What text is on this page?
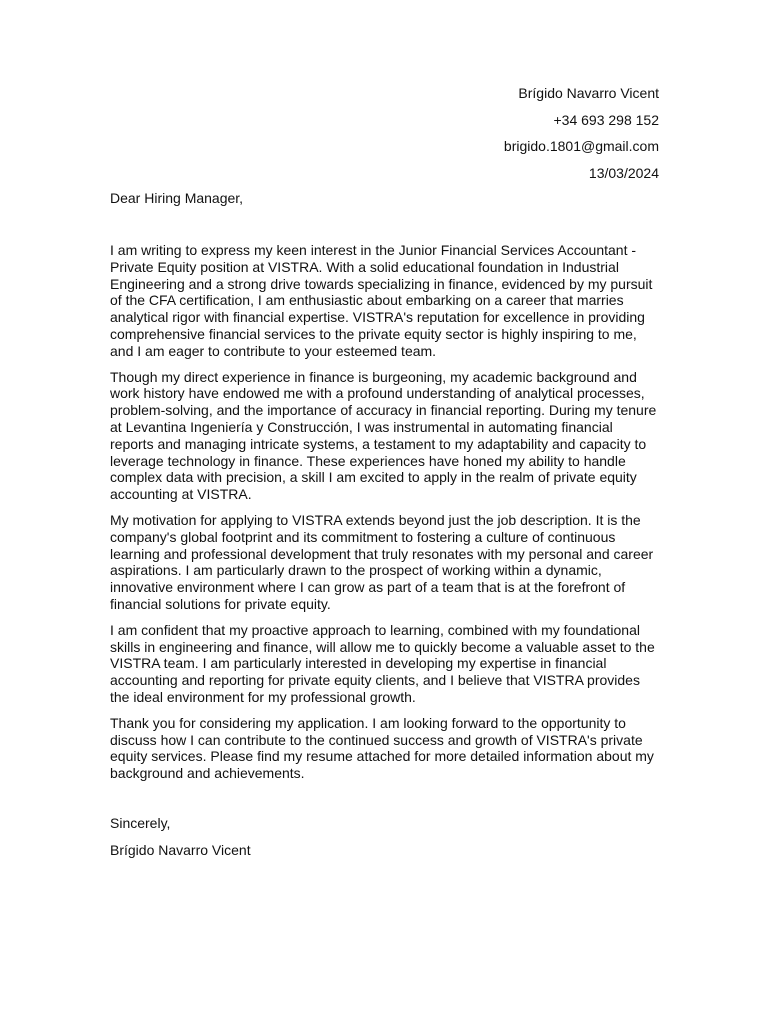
Brígido Navarro Vicent
+34 693 298 152
brigido.1801@gmail.com
13/03/2024
Dear Hiring Manager,

I am writing to express my keen interest in the Junior Financial Services Accountant - Private Equity position at VISTRA. With a solid educational foundation in Industrial Engineering and a strong drive towards specializing in finance, evidenced by my pursuit of the CFA certification, I am enthusiastic about embarking on a career that marries analytical rigor with financial expertise. VISTRA's reputation for excellence in providing comprehensive financial services to the private equity sector is highly inspiring to me, and I am eager to contribute to your esteemed team.

Though my direct experience in finance is burgeoning, my academic background and work history have endowed me with a profound understanding of analytical processes, problem-solving, and the importance of accuracy in financial reporting. During my tenure at Levantina Ingeniería y Construcción, I was instrumental in automating financial reports and managing intricate systems, a testament to my adaptability and capacity to leverage technology in finance. These experiences have honed my ability to handle complex data with precision, a skill I am excited to apply in the realm of private equity accounting at VISTRA.

My motivation for applying to VISTRA extends beyond just the job description. It is the company's global footprint and its commitment to fostering a culture of continuous learning and professional development that truly resonates with my personal and career aspirations. I am particularly drawn to the prospect of working within a dynamic, innovative environment where I can grow as part of a team that is at the forefront of financial solutions for private equity.

I am confident that my proactive approach to learning, combined with my foundational skills in engineering and finance, will allow me to quickly become a valuable asset to the VISTRA team. I am particularly interested in developing my expertise in financial accounting and reporting for private equity clients, and I believe that VISTRA provides the ideal environment for my professional growth.

Thank you for considering my application. I am looking forward to the opportunity to discuss how I can contribute to the continued success and growth of VISTRA's private equity services. Please find my resume attached for more detailed information about my background and achievements.

Sincerely,
Brígido Navarro Vicent
